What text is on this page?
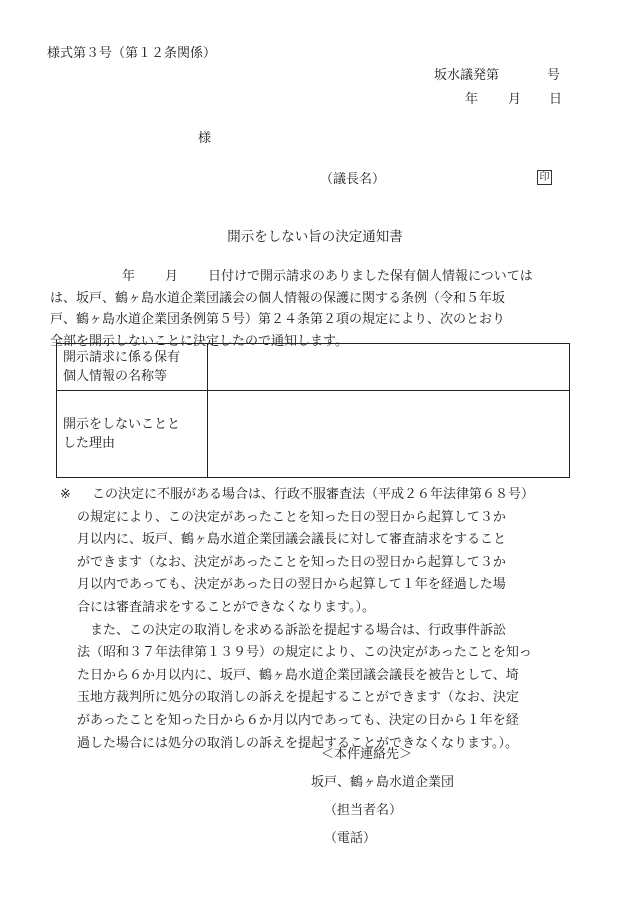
様式第３号（第１２条関係）
坂水議発第	号
年 月 日
様
（議長名）	印
開示をしない旨の決定通知書
年 月 日付けで開示請求のありました保有個人情報については
は、坂戸、鶴ヶ島水道企業団議会の個人情報の保護に関する条例（令和５年坂
戸、鶴ヶ島水道企業団条例第５号）第２４条第２項の規定により、次のとおり
全部を開示しないことに決定したので通知します。
開示請求に係る保有
個人情報の名称等	

開示をしないことと
した理由	

※ この決定に不服がある場合は、行政不服審査法（平成２６年法律第６８号）
の規定により、この決定があったことを知った日の翌日から起算して３か
月以内に、坂戸、鶴ヶ島水道企業団議会議長に対して審査請求をすること
ができます（なお、決定があったことを知った日の翌日から起算して３か
月以内であっても、決定があった日の翌日から起算して１年を経過した場
合には審査請求をすることができなくなります。）。
また、この決定の取消しを求める訴訟を提起する場合は、行政事件訴訟
法（昭和３７年法律第１３９号）の規定により、この決定があったことを知っ
た日から６か月以内に、坂戸、鶴ヶ島水道企業団議会議長を被告として、埼
玉地方裁判所に処分の取消しの訴えを提起することができます（なお、決定
があったことを知った日から６か月以内であっても、決定の日から１年を経
過した場合には処分の取消しの訴えを提起することができなくなります。）。
＜本件連絡先＞
坂戸、鶴ヶ島水道企業団
（担当者名）
（電話）
